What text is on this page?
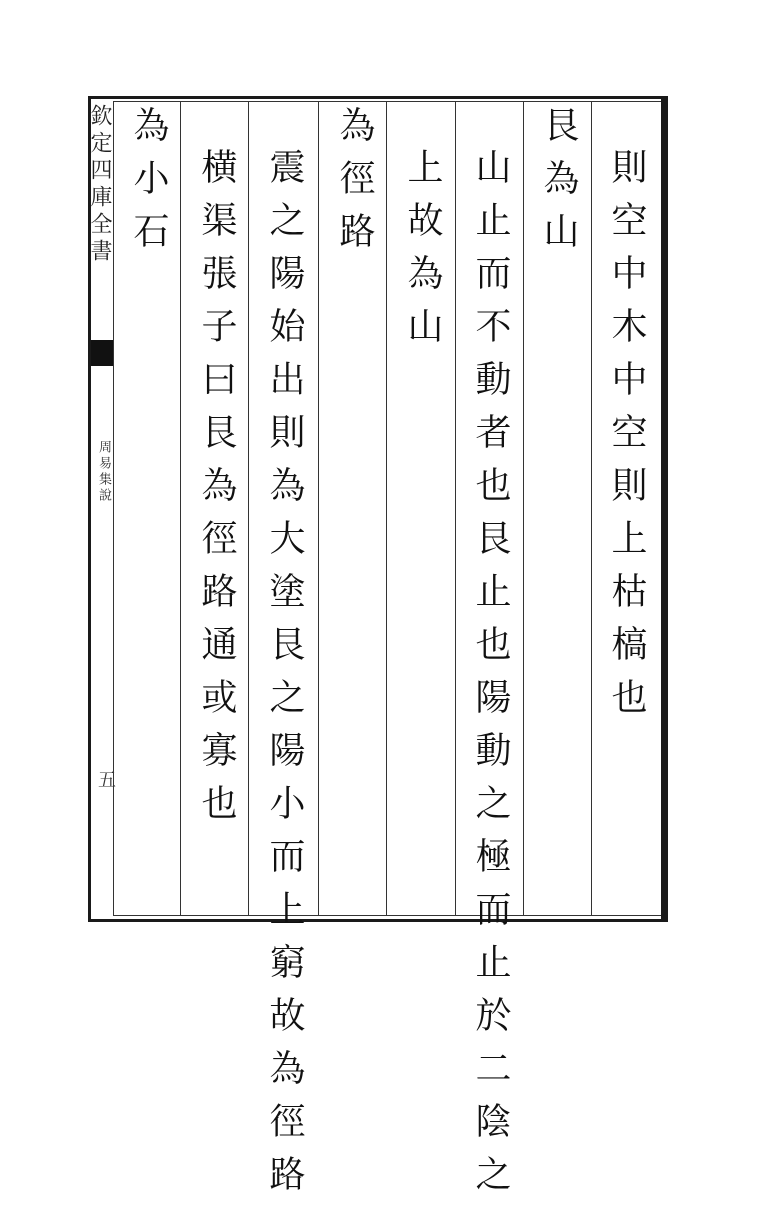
欽定四庫全書
周易集說
五
則空中木中空則上枯槁也
艮為山
山止而不動者也艮止也陽動之極而止於二陰之
上故為山
為徑路
震之陽始出則為大塗艮之陽小而上窮故為徑路
横渠張子曰艮為徑路通或寡也
為小石
